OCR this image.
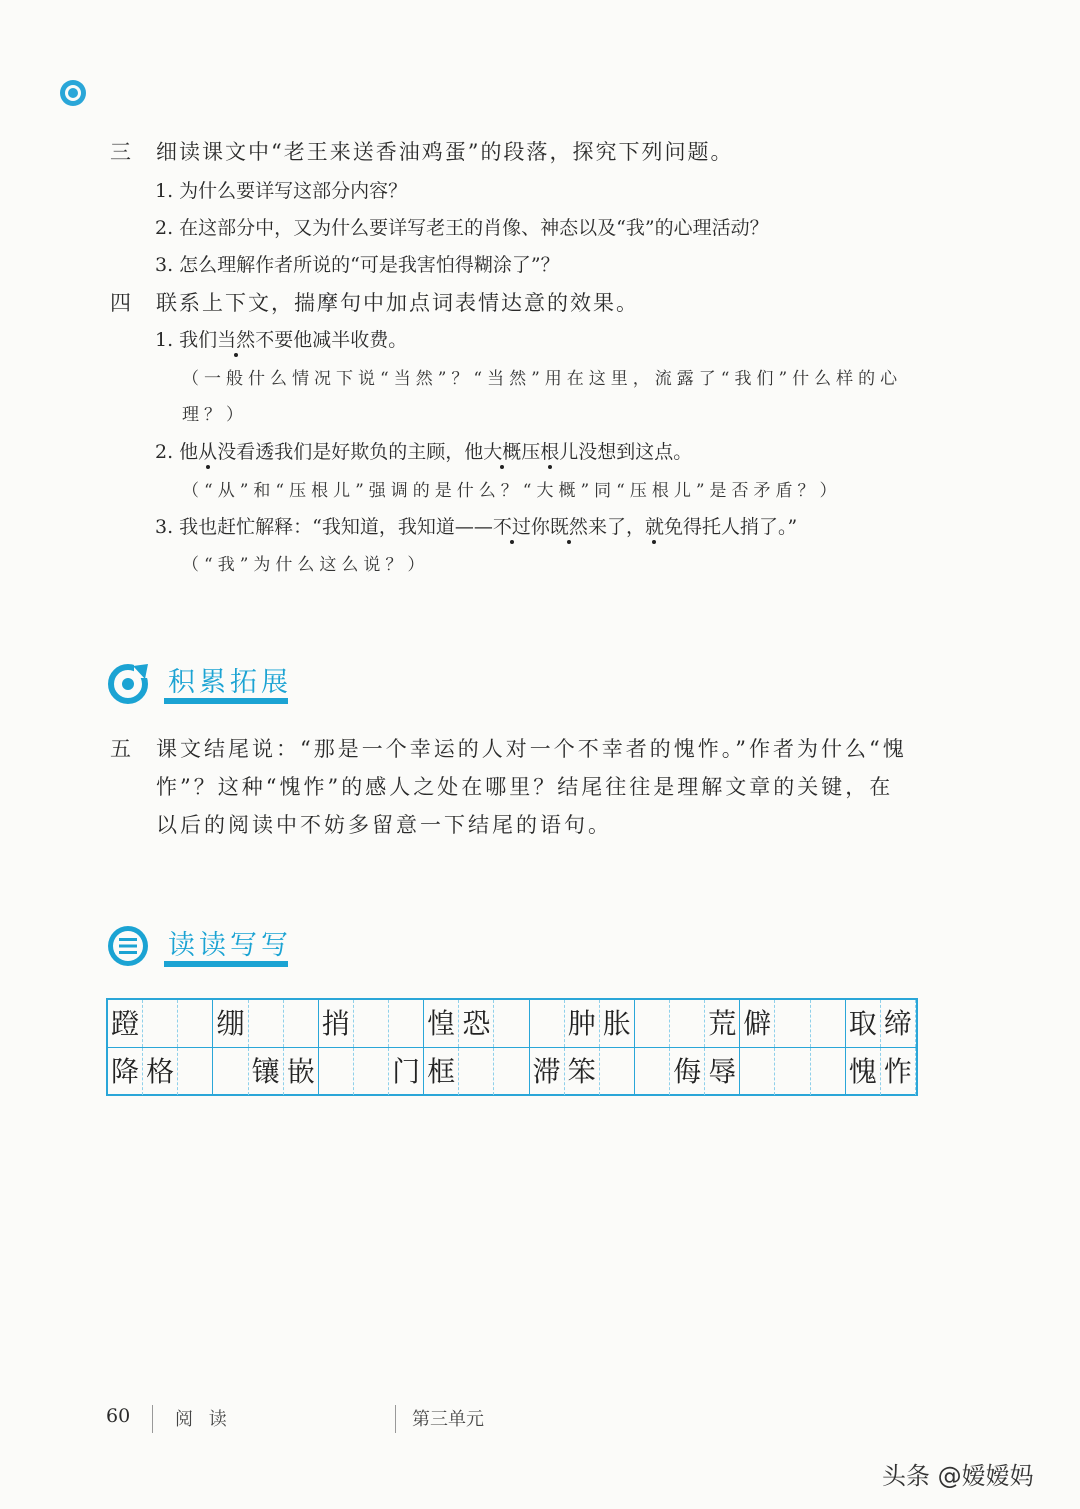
三 细读课文中“老王来送香油鸡蛋”的段落，探究下列问题。
1. 为什么要详写这部分内容？
2. 在这部分中，又为什么要详写老王的肖像、神态以及“我”的心理活动？
3. 怎么理解作者所说的“可是我害怕得糊涂了”？
四 联系上下文，揣摩句中加点词表情达意的效果。
1. 我们当然不要他减半收费。
（一般什么情况下说“当然”？“当然”用在这里，流露了“我们”什么样的心
理？）
2. 他从没看透我们是好欺负的主顾，他大概压根儿没想到这点。
（“从”和“压根儿”强调的是什么？“大概”同“压根儿”是否矛盾？）
3. 我也赶忙解释：“我知道，我知道——不过你既然来了，就免得托人捎了。”
（“我”为什么这么说？）
积累拓展
五 课文结尾说：“那是一个幸运的人对一个不幸者的愧怍。”作者为什么“愧
怍”？这种“愧怍”的感人之处在哪里？结尾往往是理解文章的关键，在
以后的阅读中不妨多留意一下结尾的语句。
读读写写
蹬	绷	捎	惶 恐	肿 胀	荒 僻	取 缔
降 格	镶 嵌	门 框	滞 笨	侮 辱	愧 怍
60 阅 读	第三单元
头条 @嫒嫒妈
